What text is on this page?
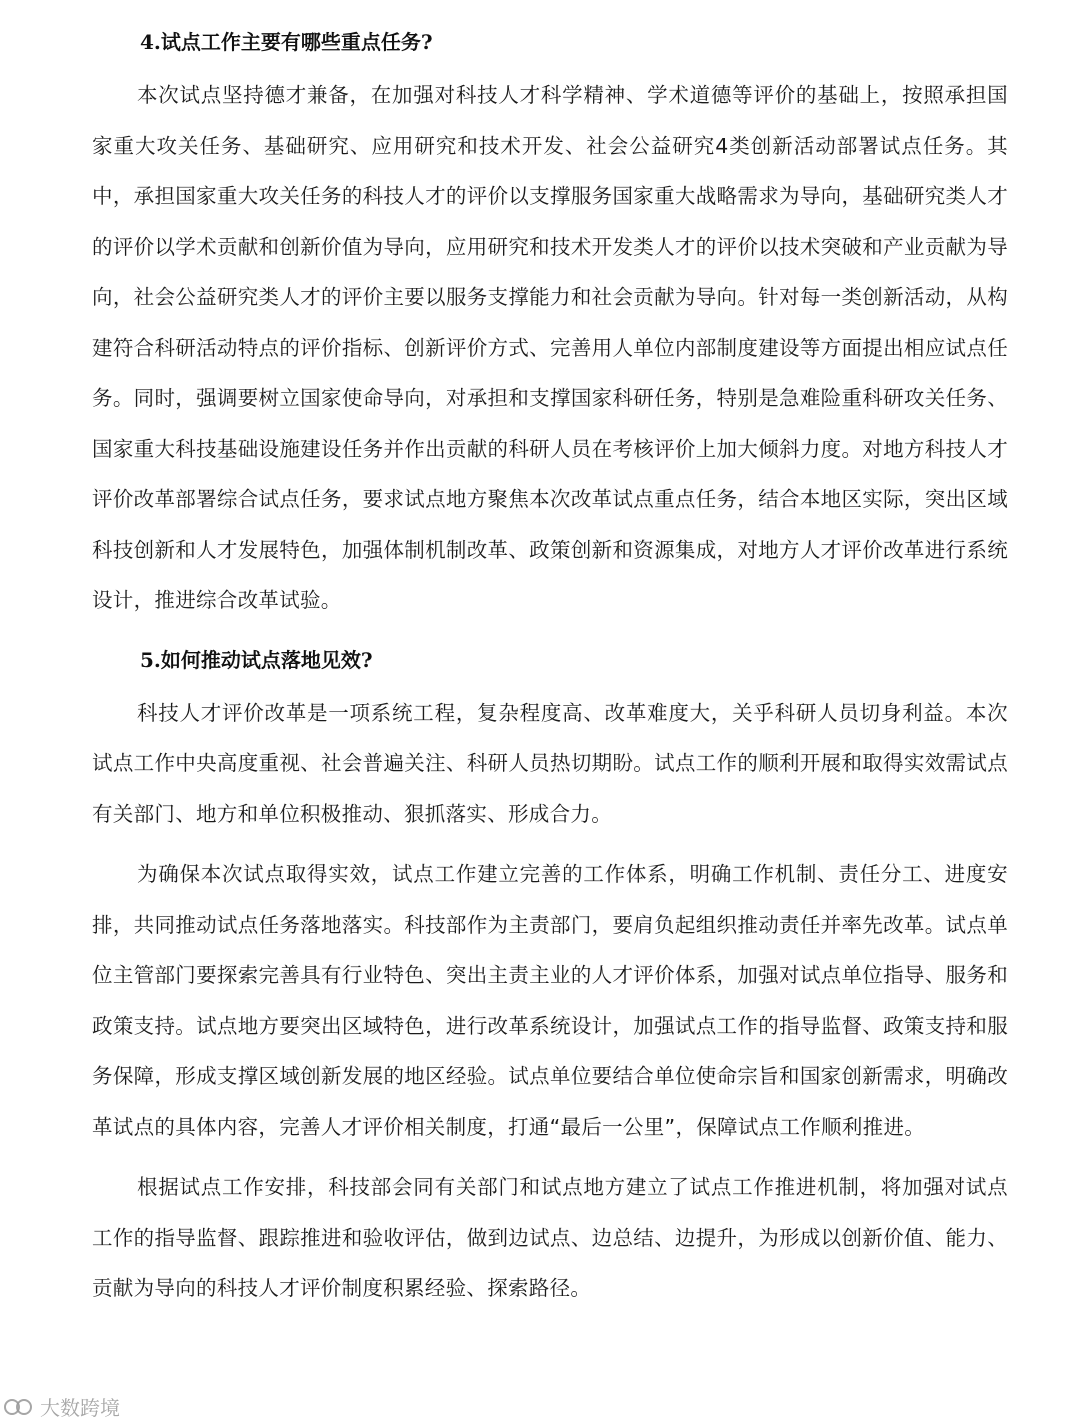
4.试点工作主要有哪些重点任务?

本次试点坚持德才兼备，在加强对科技人才科学精神、学术道德等评价的基础上，按照承担国家重大攻关任务、基础研究、应用研究和技术开发、社会公益研究4类创新活动部署试点任务。其中，承担国家重大攻关任务的科技人才的评价以支撑服务国家重大战略需求为导向，基础研究类人才的评价以学术贡献和创新价值为导向，应用研究和技术开发类人才的评价以技术突破和产业贡献为导向，社会公益研究类人才的评价主要以服务支撑能力和社会贡献为导向。针对每一类创新活动，从构建符合科研活动特点的评价指标、创新评价方式、完善用人单位内部制度建设等方面提出相应试点任务。同时，强调要树立国家使命导向，对承担和支撑国家科研任务，特别是急难险重科研攻关任务、国家重大科技基础设施建设任务并作出贡献的科研人员在考核评价上加大倾斜力度。对地方科技人才评价改革部署综合试点任务，要求试点地方聚焦本次改革试点重点任务，结合本地区实际，突出区域科技创新和人才发展特色，加强体制机制改革、政策创新和资源集成，对地方人才评价改革进行系统设计，推进综合改革试验。

5.如何推动试点落地见效?

科技人才评价改革是一项系统工程，复杂程度高、改革难度大，关乎科研人员切身利益。本次试点工作中央高度重视、社会普遍关注、科研人员热切期盼。试点工作的顺利开展和取得实效需试点有关部门、地方和单位积极推动、狠抓落实、形成合力。

为确保本次试点取得实效，试点工作建立完善的工作体系，明确工作机制、责任分工、进度安排，共同推动试点任务落地落实。科技部作为主责部门，要肩负起组织推动责任并率先改革。试点单位主管部门要探索完善具有行业特色、突出主责主业的人才评价体系，加强对试点单位指导、服务和政策支持。试点地方要突出区域特色，进行改革系统设计，加强试点工作的指导监督、政策支持和服务保障，形成支撑区域创新发展的地区经验。试点单位要结合单位使命宗旨和国家创新需求，明确改革试点的具体内容，完善人才评价相关制度，打通“最后一公里”，保障试点工作顺利推进。

根据试点工作安排，科技部会同有关部门和试点地方建立了试点工作推进机制，将加强对试点工作的指导监督、跟踪推进和验收评估，做到边试点、边总结、边提升，为形成以创新价值、能力、贡献为导向的科技人才评价制度积累经验、探索路径。

大数跨境
